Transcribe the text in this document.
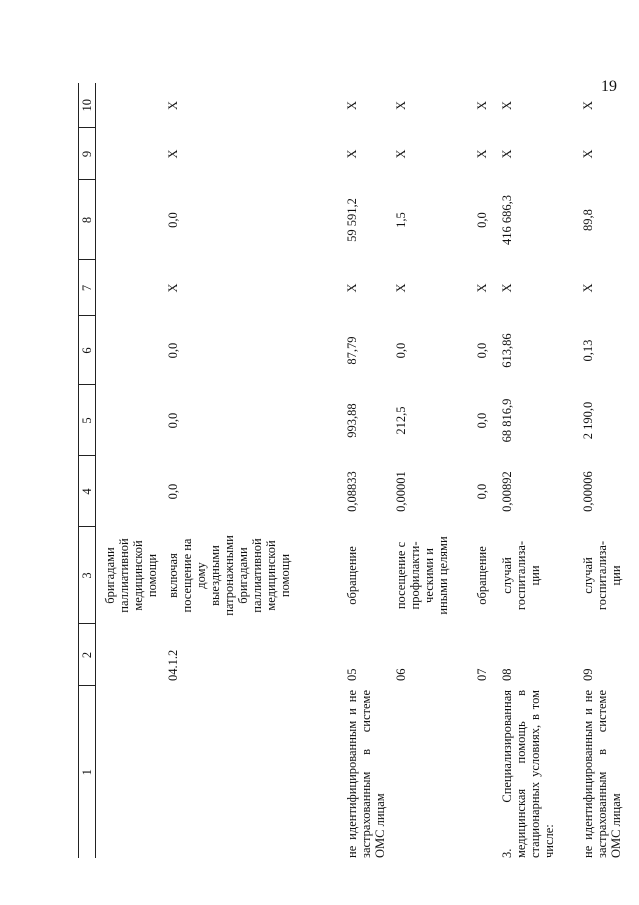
19
1	2	3	4	5	6	7	8	9	10
		бригадами паллиативной медицинской помощи							
	04.1.2	включая посещение на дому выездными патронажными бригадами паллиативной медицинской помощи	0,0	0,0	0,0	X	0,0	X	X
не идентифицированным и не застрахованным в системе ОМС лицам	05	обращение	0,08833	993,88	87,79	X	59 591,2	X	X
	06	посещение с профилакти-ческими и иными целями	0,00001	212,5	0,0	X	1,5	X	X
	07	обращение	0,0	0,0	0,0	X	0,0	X	X
3. Специализированная медицинская помощь в стационарных условиях, в том числе:	08	случай госпитализа-ции	0,00892	68 816,9	613,86	X	416 686,3	X	X
не идентифицированным и не застрахованным в системе ОМС лицам	09	случай госпитализа-ции	0,00006	2 190,0	0,13	X	89,8	X	X
